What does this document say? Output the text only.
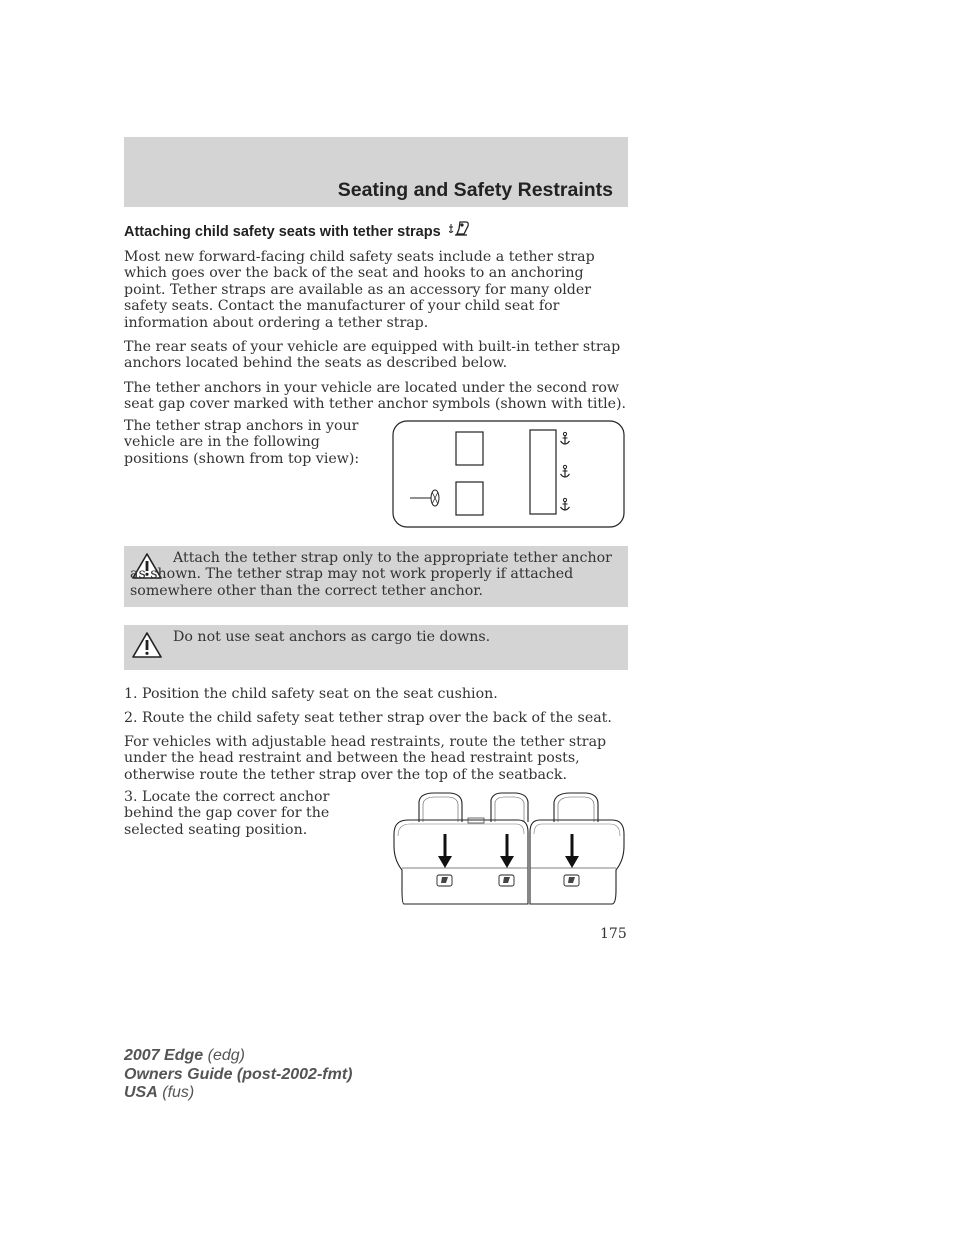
Seating and Safety Restraints
Attaching child safety seats with tether straps

Most new forward-facing child safety seats include a tether strap which goes over the back of the seat and hooks to an anchoring point. Tether straps are available as an accessory for many older safety seats. Contact the manufacturer of your child seat for information about ordering a tether strap.

The rear seats of your vehicle are equipped with built-in tether strap anchors located behind the seats as described below.

The tether anchors in your vehicle are located under the second row seat gap cover marked with tether anchor symbols (shown with title).

The tether strap anchors in your vehicle are in the following positions (shown from top view):

Attach the tether strap only to the appropriate tether anchor as shown. The tether strap may not work properly if attached somewhere other than the correct tether anchor.

Do not use seat anchors as cargo tie downs.

1. Position the child safety seat on the seat cushion.

2. Route the child safety seat tether strap over the back of the seat.

For vehicles with adjustable head restraints, route the tether strap under the head restraint and between the head restraint posts, otherwise route the tether strap over the top of the seatback.

3. Locate the correct anchor behind the gap cover for the selected seating position.

175
2007 Edge (edg)
Owners Guide (post-2002-fmt)
USA (fus)
